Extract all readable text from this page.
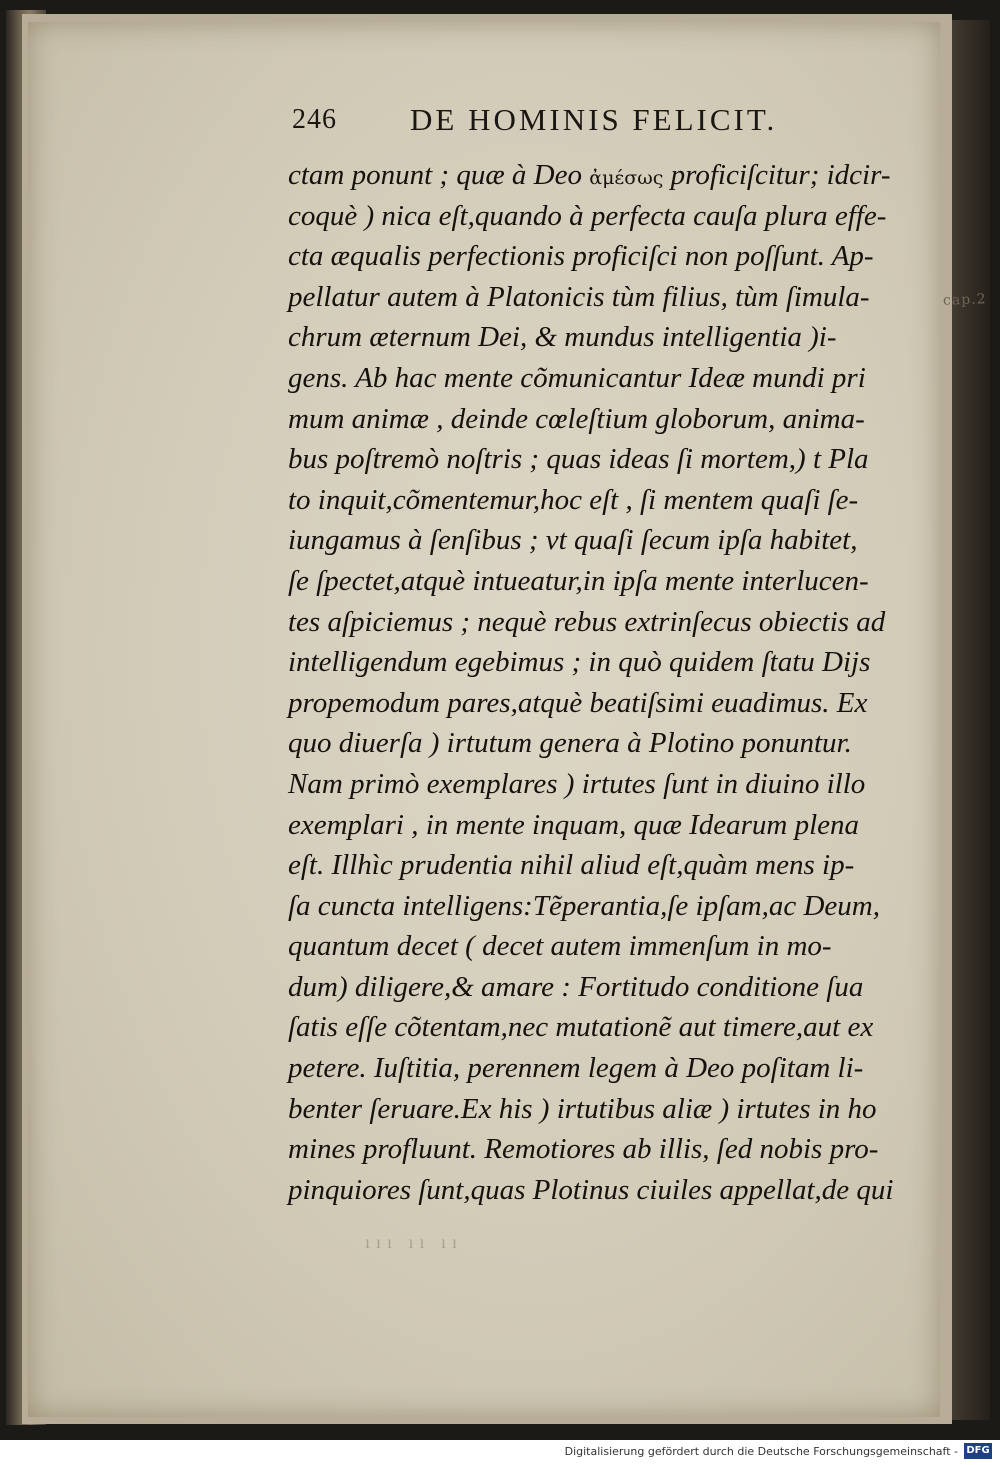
cap.2
246 DE HOMINIS FELICIT.
ctam ponunt ; quæ à Deo ἀμέσως proficiſcitur; idcir-
coquè ) nica eſt,quando à perfecta cauſa plura effe-
cta æqualis perfectionis proficiſci non poſſunt. Ap-
pellatur autem à Platonicis tùm filius, tùm ſimula-
chrum æternum Dei, & mundus intelligentia )i-
gens. Ab hac mente cõmunicantur Ideæ mundi pri
mum animæ , deinde cœleſtium globorum, anima-
bus poſtremò noſtris ; quas ideas ſi mortem,) t Pla
to inquit,cõmentemur,hoc eſt , ſi mentem quaſi ſe-
iungamus à ſenſibus ; vt quaſi ſecum ipſa habitet,
ſe ſpectet,atquè intueatur,in ipſa mente interlucen-
tes aſpiciemus ; nequè rebus extrinſecus obiectis ad
intelligendum egebimus ; in quò quidem ſtatu Dijs
propemodum pares,atquè beatiſsimi euadimus. Ex
quo diuerſa ) irtutum genera à Plotino ponuntur.
Nam primò exemplares ) irtutes ſunt in diuino illo
exemplari , in mente inquam, quæ Idearum plena
eſt. Illhìc prudentia nihil aliud eſt,quàm mens ip-
ſa cuncta intelligens:Tẽperantia,ſe ipſam,ac Deum,
quantum decet ( decet autem immenſum in mo-
dum) diligere,& amare : Fortitudo conditione ſua
ſatis eſſe cõtentam,nec mutationẽ aut timere,aut ex
petere. Iuſtitia, perennem legem à Deo poſitam li-
benter ſeruare.Ex his ) irtutibus aliæ ) irtutes in ho
mines profluunt. Remotiores ab illis, ſed nobis pro-
pinquiores ſunt,quas Plotinus ciuiles appellat,de qui
ııı ıı ıı
Digitalisierung gefördert durch die Deutsche Forschungsgemeinschaft - DFG
